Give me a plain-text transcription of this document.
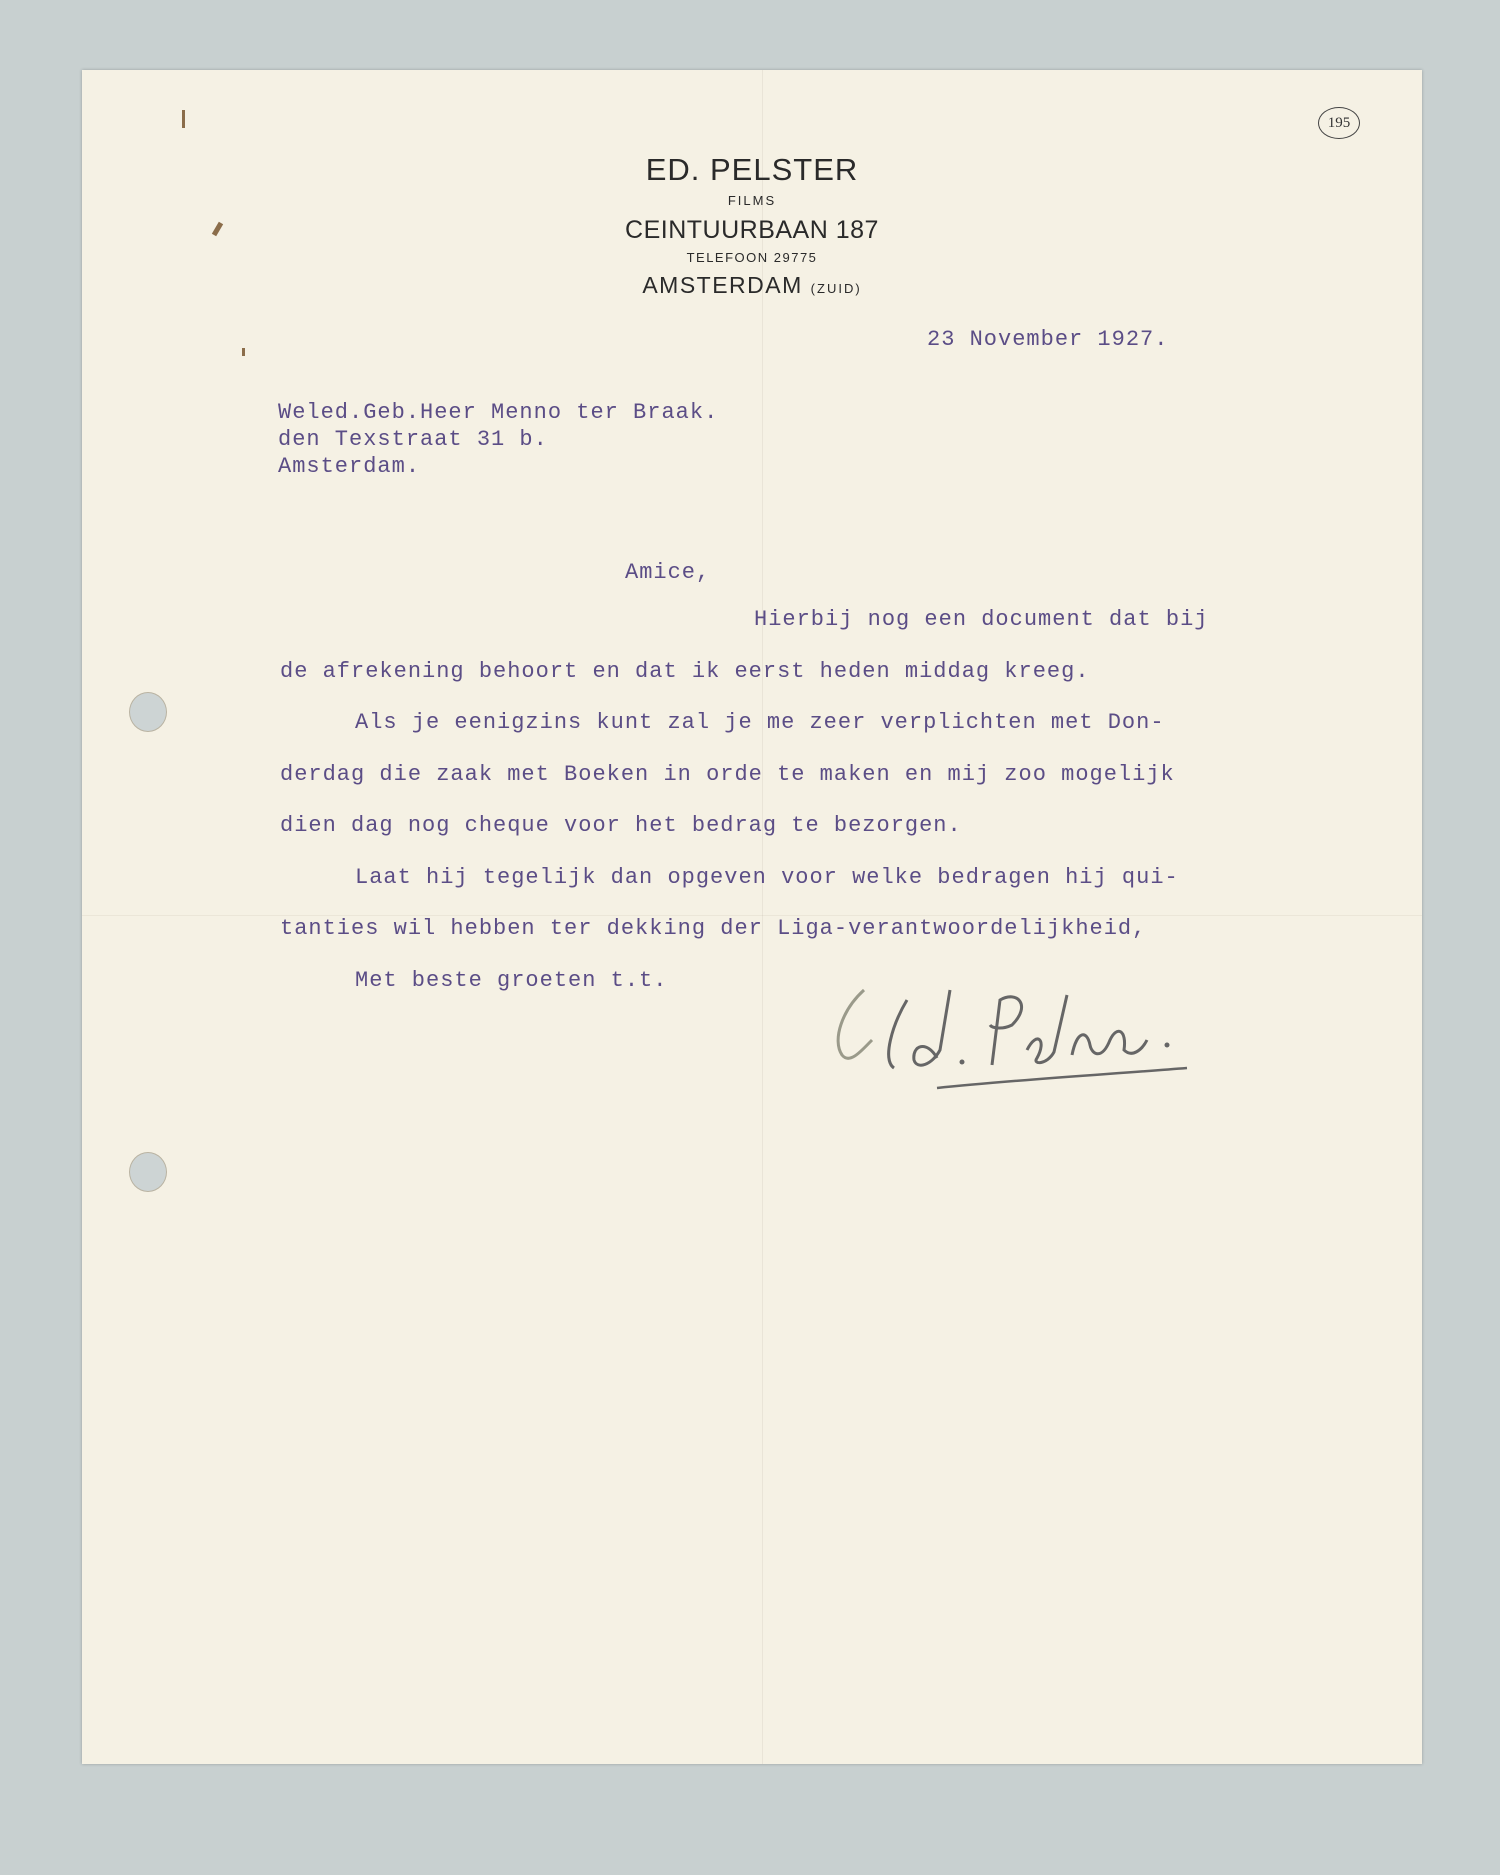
ED. PELSTER
FILMS
CEINTUURBAAN 187
TELEFOON 29775
AMSTERDAM (ZUID)
195
23 November 1927.
Weled.Geb.Heer Menno ter Braak.
den Texstraat 31 b.
Amsterdam.
Amice,
Hierbij nog een document dat bij
de afrekening behoort en dat ik eerst heden middag kreeg.
Als je eenigzins kunt zal je me zeer verplichten met Don-
derdag die zaak met Boeken in orde te maken en mij zoo mogelijk
dien dag nog cheque voor het bedrag te bezorgen.
Laat hij tegelijk dan opgeven voor welke bedragen hij qui-
tanties wil hebben ter dekking der Liga-verantwoordelijkheid,
Met beste groeten t.t.
